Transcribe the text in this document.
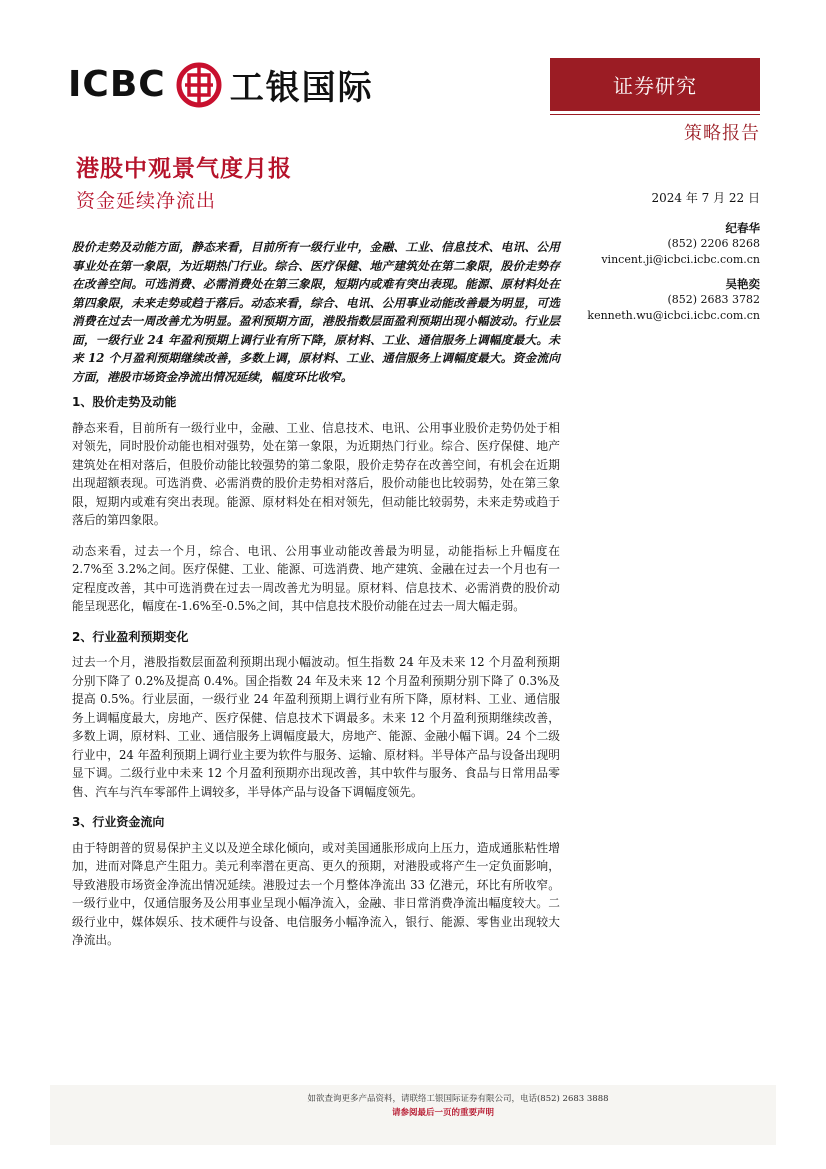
ICBC 工银国际	证券研究
策略报告
港股中观景气度月报
资金延续净流出	2024 年 7 月 22 日
纪春华
(852) 2206 8268
vincent.ji@icbci.icbc.com.cn
吴艳奕
(852) 2683 3782
kenneth.wu@icbci.icbc.com.cn

股价走势及动能方面，静态来看，目前所有一级行业中，金融、工业、信息技术、电讯、公用事业处在第一象限，为近期热门行业。综合、医疗保健、地产建筑处在第二象限，股价走势存在改善空间。可选消费、必需消费处在第三象限，短期内或难有突出表现。能源、原材料处在第四象限，未来走势或趋于落后。动态来看，综合、电讯、公用事业动能改善最为明显，可选消费在过去一周改善尤为明显。盈利预期方面，港股指数层面盈利预期出现小幅波动。行业层面，一级行业 24 年盈利预期上调行业有所下降，原材料、工业、通信服务上调幅度最大。未来 12 个月盈利预期继续改善，多数上调，原材料、工业、通信服务上调幅度最大。资金流向方面，港股市场资金净流出情况延续，幅度环比收窄。

1、股价走势及动能

静态来看，目前所有一级行业中，金融、工业、信息技术、电讯、公用事业股价走势仍处于相对领先，同时股价动能也相对强势，处在第一象限，为近期热门行业。综合、医疗保健、地产建筑处在相对落后，但股价动能比较强势的第二象限，股价走势存在改善空间，有机会在近期出现超额表现。可选消费、必需消费的股价走势相对落后，股价动能也比较弱势，处在第三象限，短期内或难有突出表现。能源、原材料处在相对领先，但动能比较弱势，未来走势或趋于落后的第四象限。

动态来看，过去一个月，综合、电讯、公用事业动能改善最为明显，动能指标上升幅度在 2.7%至 3.2%之间。医疗保健、工业、能源、可选消费、地产建筑、金融在过去一个月也有一定程度改善，其中可选消费在过去一周改善尤为明显。原材料、信息技术、必需消费的股价动能呈现恶化，幅度在-1.6%至-0.5%之间，其中信息技术股价动能在过去一周大幅走弱。

2、行业盈利预期变化

过去一个月，港股指数层面盈利预期出现小幅波动。恒生指数 24 年及未来 12 个月盈利预期分别下降了 0.2%及提高 0.4%。国企指数 24 年及未来 12 个月盈利预期分别下降了 0.3%及提高 0.5%。行业层面，一级行业 24 年盈利预期上调行业有所下降，原材料、工业、通信服务上调幅度最大，房地产、医疗保健、信息技术下调最多。未来 12 个月盈利预期继续改善，多数上调，原材料、工业、通信服务上调幅度最大，房地产、能源、金融小幅下调。24 个二级行业中，24 年盈利预期上调行业主要为软件与服务、运输、原材料。半导体产品与设备出现明显下调。二级行业中未来 12 个月盈利预期亦出现改善，其中软件与服务、食品与日常用品零售、汽车与汽车零部件上调较多，半导体产品与设备下调幅度领先。

3、行业资金流向

由于特朗普的贸易保护主义以及逆全球化倾向，或对美国通胀形成向上压力，造成通胀粘性增加，进而对降息产生阻力。美元利率潜在更高、更久的预期，对港股或将产生一定负面影响，导致港股市场资金净流出情况延续。港股过去一个月整体净流出 33 亿港元，环比有所收窄。一级行业中，仅通信服务及公用事业呈现小幅净流入，金融、非日常消费净流出幅度较大。二级行业中，媒体娱乐、技术硬件与设备、电信服务小幅净流入，银行、能源、零售业出现较大净流出。

如欲查询更多产品资料，请联络工银国际证券有限公司，电话(852) 2683 3888
请参阅最后一页的重要声明
